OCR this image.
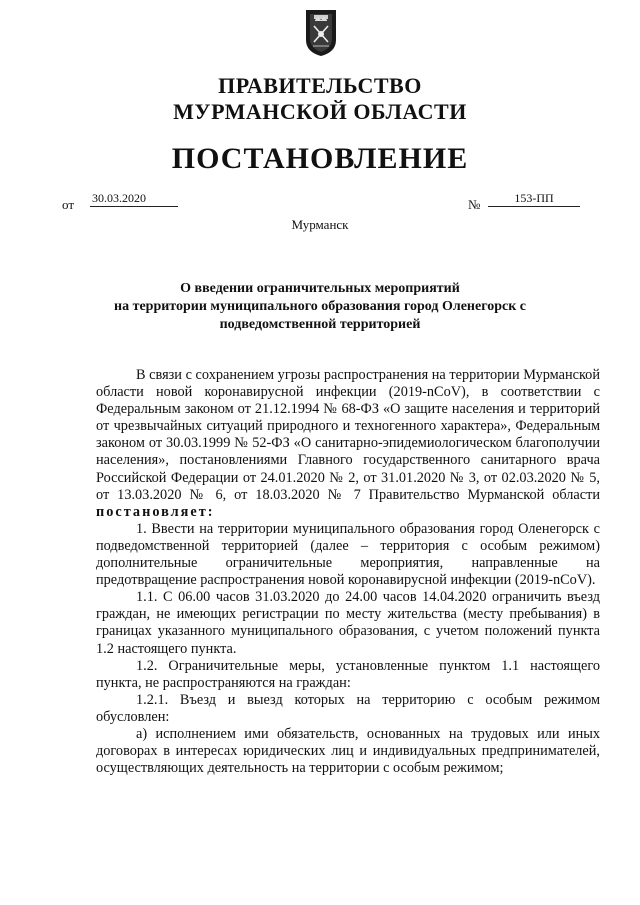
ПРАВИТЕЛЬСТВО
МУРМАНСКОЙ ОБЛАСТИ
ПОСТАНОВЛЕНИЕ
от 30.03.2020	№	153-ПП
Мурманск
О введении ограничительных мероприятий
на территории муниципального образования город Оленегорск с
подведомственной территорией

В связи с сохранением угрозы распространения на территории Мурманской области новой коронавирусной инфекции (2019-nCoV), в соответствии с Федеральным законом от 21.12.1994 № 68-ФЗ «О защите населения и территорий от чрезвычайных ситуаций природного и техногенного характера», Федеральным законом от 30.03.1999 № 52-ФЗ «О санитарно-эпидемиологическом благополучии населения», постановлениями Главного государственного санитарного врача Российской Федерации от 24.01.2020 № 2, от 31.01.2020 № 3, от 02.03.2020 № 5, от 13.03.2020 № 6, от 18.03.2020 № 7 Правительство Мурманской области постановляет:

1. Ввести на территории муниципального образования город Оленегорск с подведомственной территорией (далее – территория с особым режимом) дополнительные ограничительные мероприятия, направленные на предотвращение распространения новой коронавирусной инфекции (2019-nCoV).

1.1. С 06.00 часов 31.03.2020 до 24.00 часов 14.04.2020 ограничить въезд граждан, не имеющих регистрации по месту жительства (месту пребывания) в границах указанного муниципального образования, с учетом положений пункта 1.2 настоящего пункта.

1.2. Ограничительные меры, установленные пунктом 1.1 настоящего пункта, не распространяются на граждан:

1.2.1. Въезд и выезд которых на территорию с особым режимом обусловлен:

а) исполнением ими обязательств, основанных на трудовых или иных договорах в интересах юридических лиц и индивидуальных предпринимателей, осуществляющих деятельность на территории с особым режимом;
